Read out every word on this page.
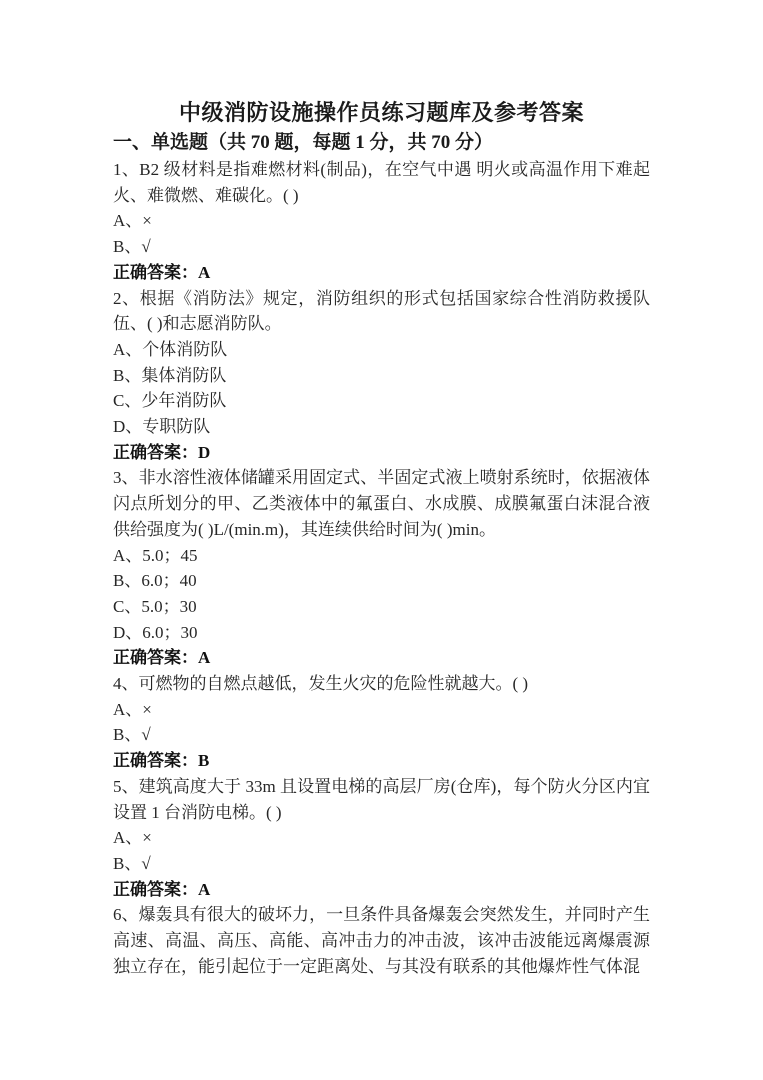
中级消防设施操作员练习题库及参考答案

一、单选题（共 70 题，每题 1 分，共 70 分）

1、B2 级材料是指难燃材料(制品)，在空气中遇 明火或高温作用下难起火、难微燃、难碳化。( )

A、×

B、√

正确答案：A

2、根据《消防法》规定，消防组织的形式包括国家综合性消防救援队伍、( )和志愿消防队。

A、个体消防队

B、集体消防队

C、少年消防队

D、专职防队

正确答案：D

3、非水溶性液体储罐采用固定式、半固定式液上喷射系统时，依据液体闪点所划分的甲、乙类液体中的氟蛋白、水成膜、成膜氟蛋白沫混合液供给强度为( )L/(min.m)，其连续供给时间为( )min。

A、5.0；45

B、6.0；40

C、5.0；30

D、6.0；30

正确答案：A

4、可燃物的自燃点越低，发生火灾的危险性就越大。( )

A、×

B、√

正确答案：B

5、建筑高度大于 33m 且设置电梯的高层厂房(仓库)，每个防火分区内宜设置 1 台消防电梯。( )

A、×

B、√

正确答案：A

6、爆轰具有很大的破坏力，一旦条件具备爆轰会突然发生，并同时产生高速、高温、高压、高能、高冲击力的冲击波，该冲击波能远离爆震源独立存在，能引起位于一定距离处、与其没有联系的其他爆炸性气体混
